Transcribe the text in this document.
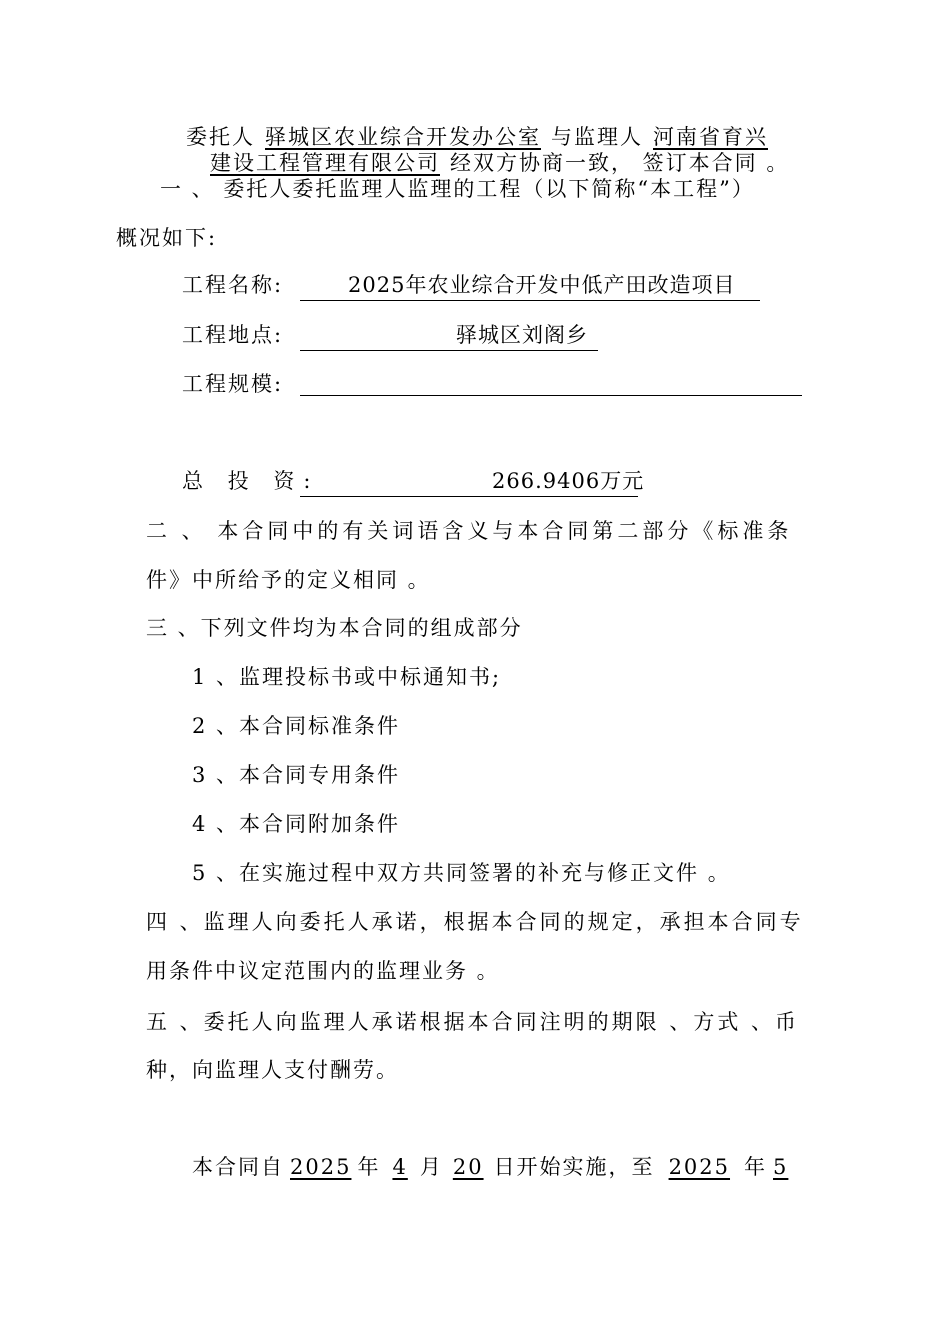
委托人 驿城区农业综合开发办公室 与监理人 河南省育兴
建设工程管理有限公司 经双方协商一致， 签订本合同 。
一 、 委托人委托监理人监理的工程（以下简称“本工程”）
概况如下:
工程名称:	2025年农业综合开发中低产田改造项目
工程地点:	驿城区刘阁乡
工程规模:
总 投 资:	266.9406万元
二 、 本合同中的有关词语含义与本合同第二部分《标准条
件》中所给予的定义相同 。
三 、下列文件均为本合同的组成部分
1 、监理投标书或中标通知书;
2 、本合同标准条件
3 、本合同专用条件
4 、本合同附加条件
5 、在实施过程中双方共同签署的补充与修正文件 。
四 、监理人向委托人承诺，根据本合同的规定，承担本合同专
用条件中议定范围内的监理业务 。
五 、委托人向监理人承诺根据本合同注明的期限 、方式 、币
种，向监理人支付酬劳。
本合同自 2025 年 4 月 20 日开始实施，至 2025 年 5
